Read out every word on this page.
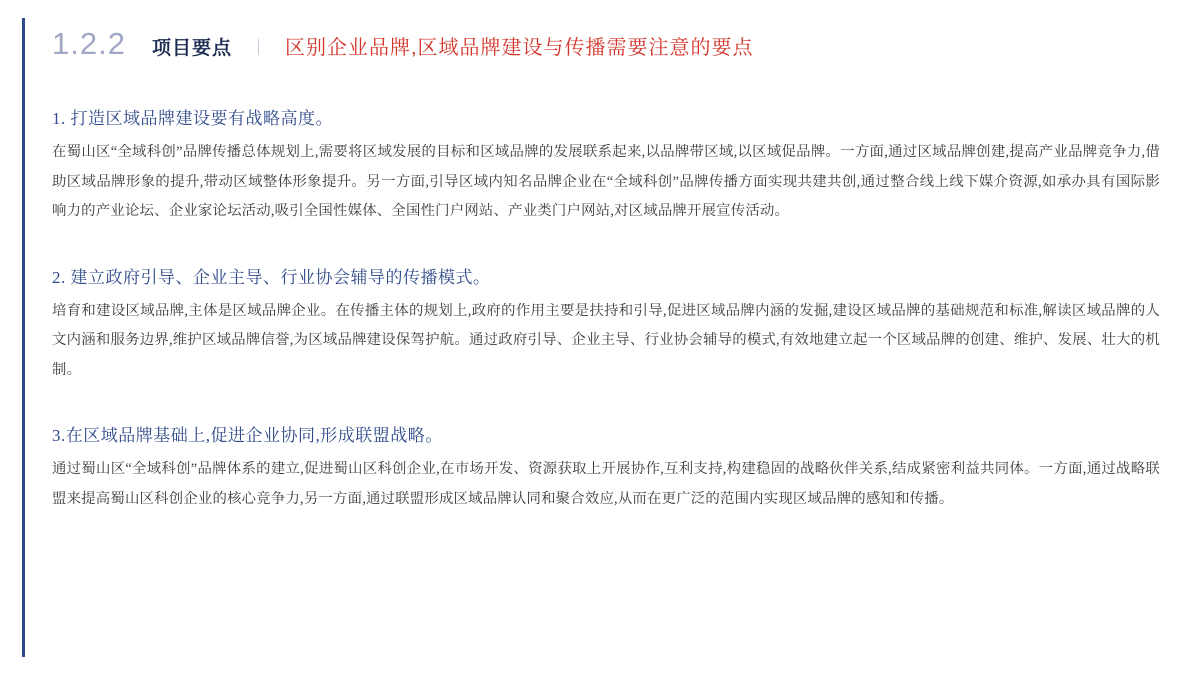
1.2.2 项目要点	区别企业品牌,区域品牌建设与传播需要注意的要点
1. 打造区域品牌建设要有战略高度。
在蜀山区“全域科创”品牌传播总体规划上,需要将区域发展的目标和区域品牌的发展联系起来,以品牌带区域,以区域促品牌。一方面,通过区域品牌创建,提高产业品牌竞争力,借助区域品牌形象的提升,带动区域整体形象提升。另一方面,引导区域内知名品牌企业在“全域科创”品牌传播方面实现共建共创,通过整合线上线下媒介资源,如承办具有国际影响力的产业论坛、企业家论坛活动,吸引全国性媒体、全国性门户网站、产业类门户网站,对区域品牌开展宣传活动。
2. 建立政府引导、企业主导、行业协会辅导的传播模式。
培育和建设区域品牌,主体是区域品牌企业。在传播主体的规划上,政府的作用主要是扶持和引导,促进区域品牌内涵的发掘,建设区域品牌的基础规范和标准,解读区域品牌的人文内涵和服务边界,维护区域品牌信誉,为区域品牌建设保驾护航。通过政府引导、企业主导、行业协会辅导的模式,有效地建立起一个区域品牌的创建、维护、发展、壮大的机制。
3.在区域品牌基础上,促进企业协同,形成联盟战略。
通过蜀山区“全域科创”品牌体系的建立,促进蜀山区科创企业,在市场开发、资源获取上开展协作,互利支持,构建稳固的战略伙伴关系,结成紧密利益共同体。一方面,通过战略联盟来提高蜀山区科创企业的核心竞争力,另一方面,通过联盟形成区域品牌认同和聚合效应,从而在更广泛的范围内实现区域品牌的感知和传播。
